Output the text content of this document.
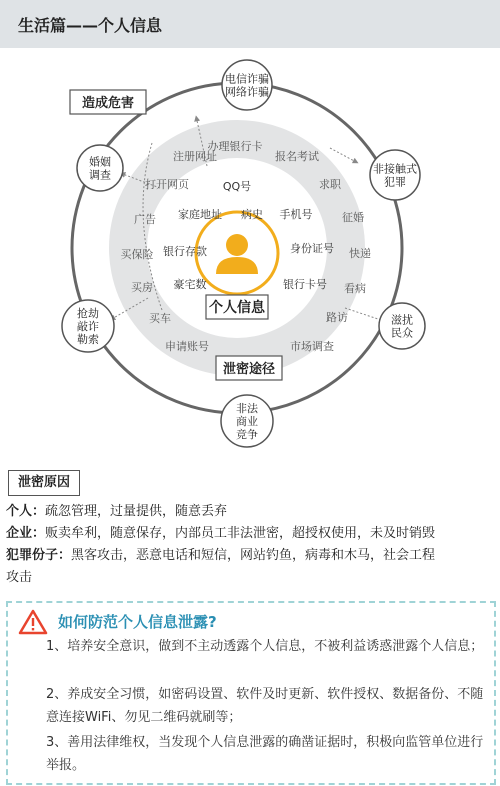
生活篇——个人信息
个人信息
造成危害
泄密途径
电信诈骗
网络诈骗
非接触式
犯罪
滋扰
民众
非法
商业
竞争
抢劫
敲诈
勒索
婚姻
调查
办理银行卡
报名考试
求职
征婚
快递
看病
路访
市场调查
申请账号
买车
买房
买保险
广告
打开网页
注册网址
QQ号
手机号
身份证号
银行卡号
豪宅数
银行存款
家庭地址 病史
泄密原因
个人：疏忽管理，过量提供，随意丢弃
企业：贩卖牟利，随意保存，内部员工非法泄密，超授权使用，未及时销毁
犯罪份子：黑客攻击，恶意电话和短信，网站钓鱼，病毒和木马，社会工程
攻击
如何防范个人信息泄露?
1、培养安全意识，做到不主动透露个人信息，不被利益诱惑泄露个人信息；
2、养成安全习惯，如密码设置、软件及时更新、软件授权、数据备份、不随意连接WiFi、勿见二维码就刷等；
3、善用法律维权，当发现个人信息泄露的确凿证据时，积极向监管单位进行举报。
